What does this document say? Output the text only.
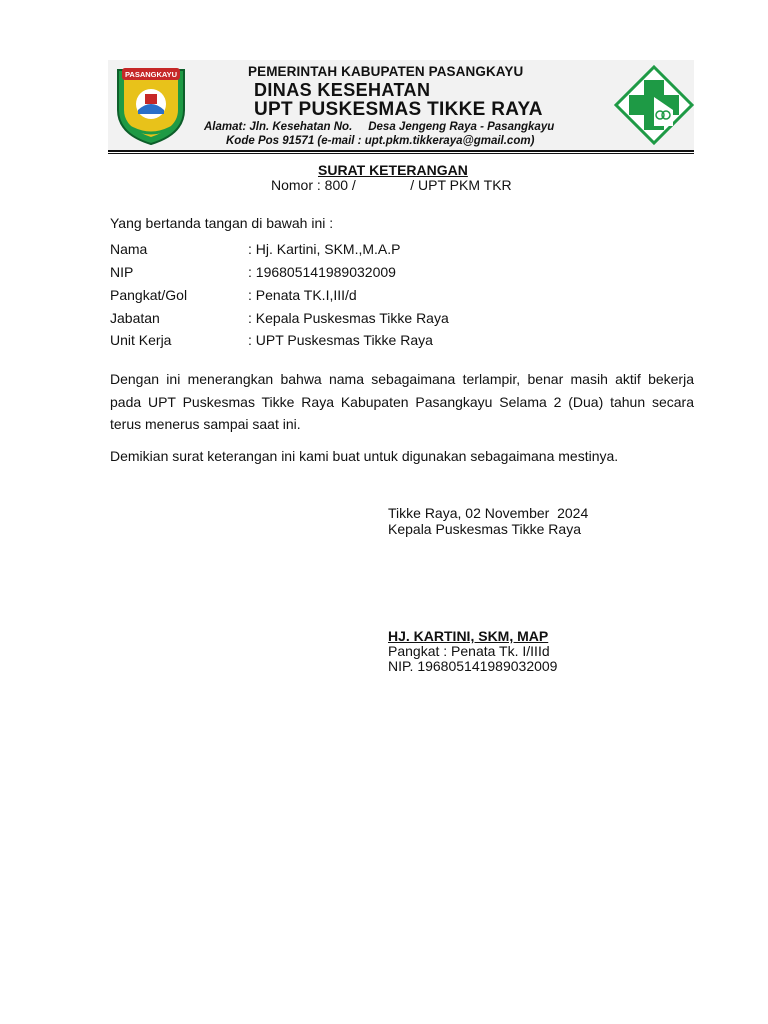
PASANGKAYU	PEMERINTAH KABUPATEN PASANGKAYU
DINAS KESEHATAN
UPT PUSKESMAS TIKKE RAYA
Alamat: Jln. Kesehatan No.     Desa Jengeng Raya - Pasangkayu
Kode Pos 91571 (e-mail : upt.pkm.tikkeraya@gmail.com)
SURAT KETERANGAN
Nomor : 800 /              / UPT PKM TKR
Yang bertanda tangan di bawah ini :
Nama	: Hj. Kartini, SKM.,M.A.P
NIP	: 196805141989032009
Pangkat/Gol	: Penata TK.I,III/d
Jabatan	: Kepala Puskesmas Tikke Raya
Unit Kerja	: UPT Puskesmas Tikke Raya
Dengan ini menerangkan bahwa nama sebagaimana terlampir, benar masih aktif bekerja pada UPT Puskesmas Tikke Raya Kabupaten Pasangkayu Selama 2 (Dua) tahun secara terus menerus sampai saat ini.
Demikian surat keterangan ini kami buat untuk digunakan sebagaimana mestinya.
Tikke Raya, 02 November  2024
Kepala Puskesmas Tikke Raya
HJ. KARTINI, SKM, MAP
Pangkat : Penata Tk. I/IIId
NIP. 196805141989032009
